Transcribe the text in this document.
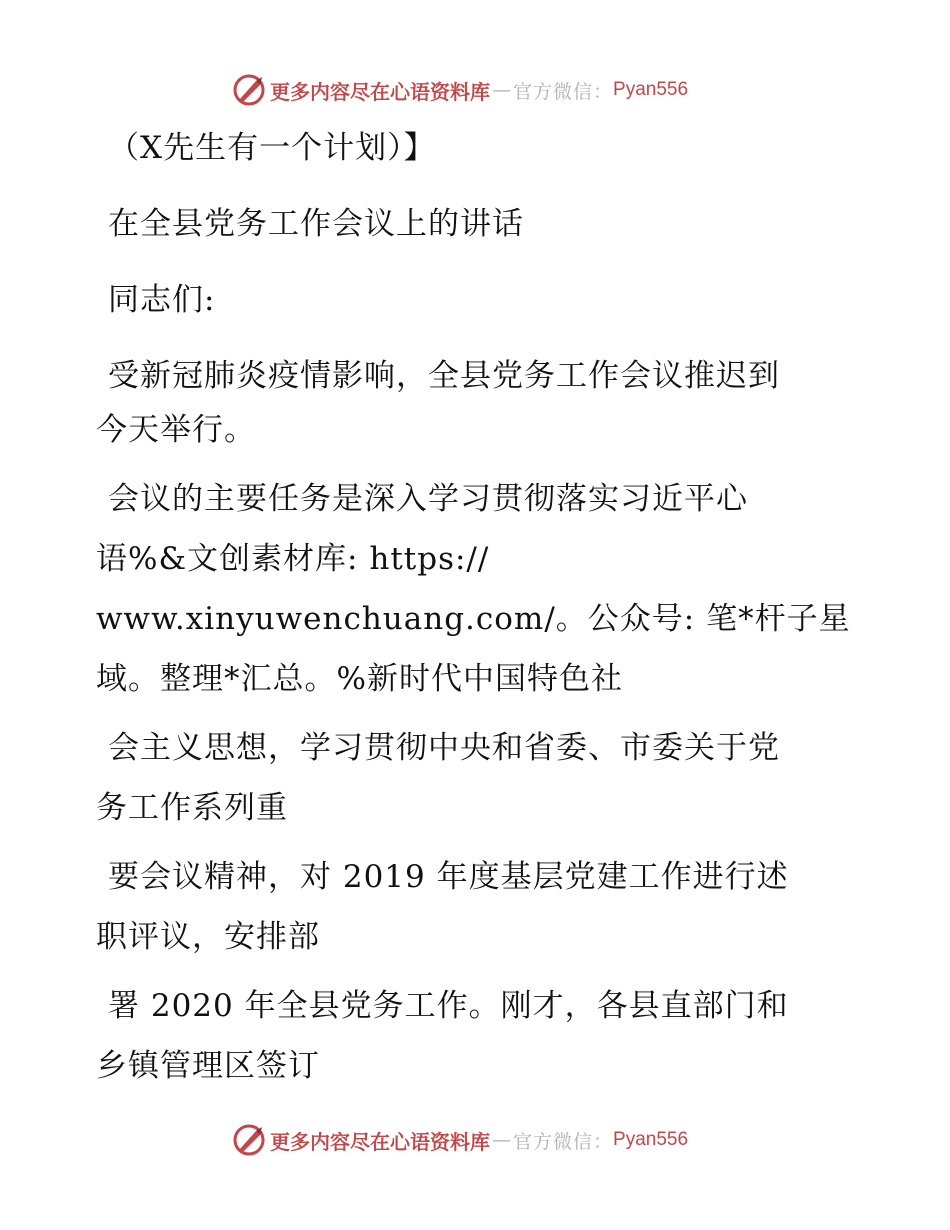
更多内容尽在心语资料库 — 官方微信： Pyan556

（X先生有一个计划）】

在全县党务工作会议上的讲话

同志们:

受新冠肺炎疫情影响，全县党务工作会议推迟到
今天举行。

会议的主要任务是深入学习贯彻落实习近平心
语%&文创素材库: https://
www.xinyuwenchuang.com/。公众号: 笔*杆子星
域。整理*汇总。%新时代中国特色社

会主义思想，学习贯彻中央和省委、市委关于党
务工作系列重

要会议精神，对 2019 年度基层党建工作进行述
职评议，安排部

署 2020 年全县党务工作。刚才，各县直部门和
乡镇管理区签订

更多内容尽在心语资料库 — 官方微信： Pyan556
